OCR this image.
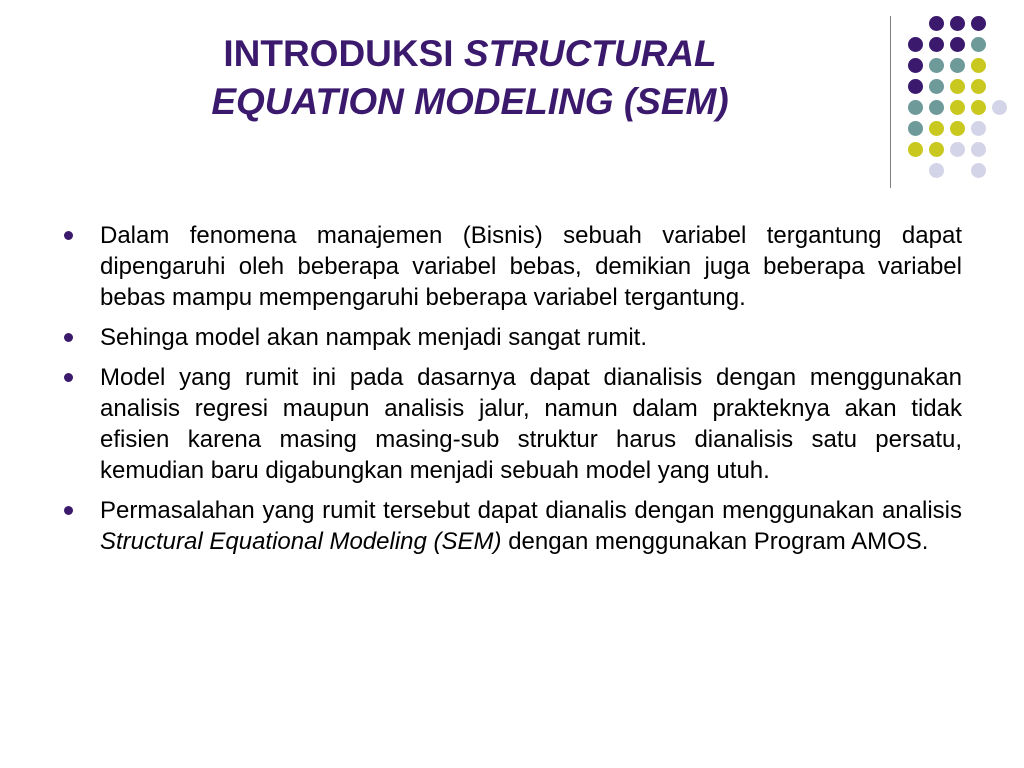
INTRODUKSI STRUCTURAL
EQUATION MODELING (SEM)
Dalam fenomena manajemen (Bisnis) sebuah variabel tergantung dapat dipengaruhi oleh beberapa variabel bebas, demikian juga beberapa variabel bebas mampu mempengaruhi beberapa variabel tergantung.
Sehinga model akan nampak menjadi sangat rumit.
Model yang rumit ini pada dasarnya dapat dianalisis dengan menggunakan analisis regresi maupun analisis jalur, namun dalam prakteknya akan tidak efisien karena masing masing-sub struktur harus dianalisis satu persatu, kemudian baru digabungkan menjadi sebuah model yang utuh.
Permasalahan yang rumit tersebut dapat dianalis dengan menggunakan analisis Structural Equational Modeling (SEM) dengan menggunakan Program AMOS.
